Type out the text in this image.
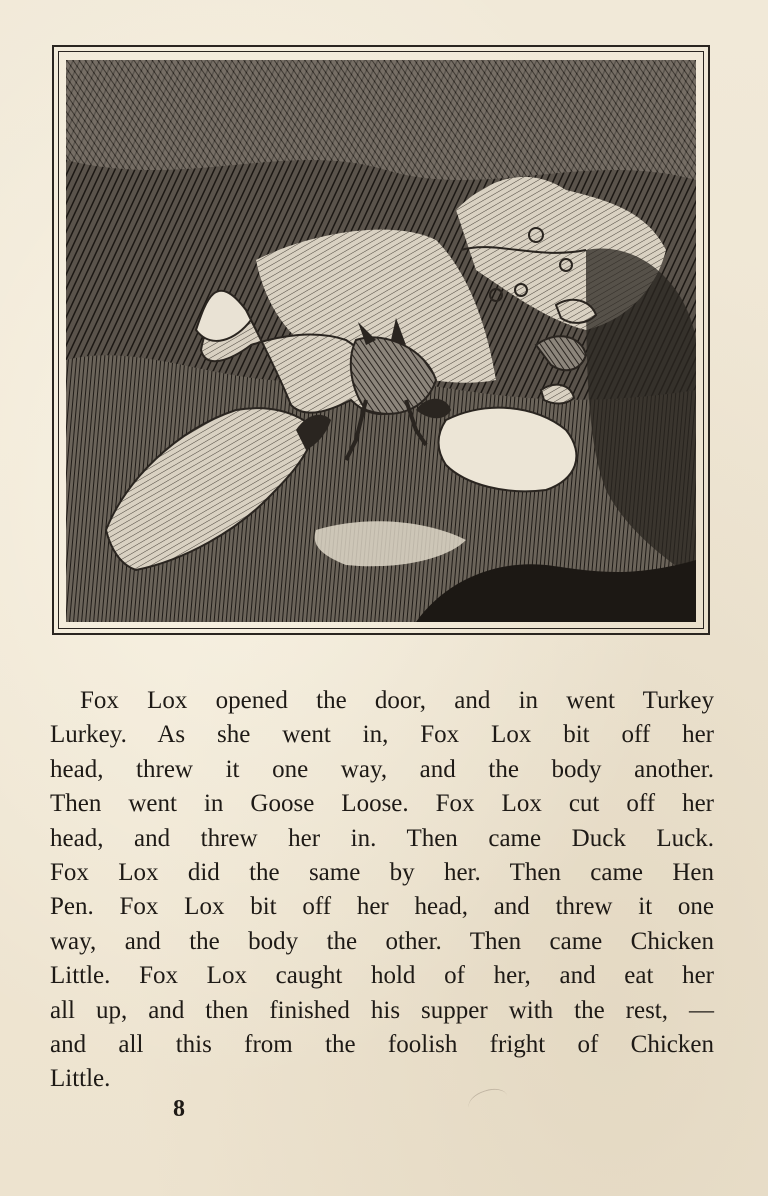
Fox Lox opened the door, and in went Turkey
Lurkey. As she went in, Fox Lox bit off her
head, threw it one way, and the body another.
Then went in Goose Loose. Fox Lox cut off her
head, and threw her in. Then came Duck Luck.
Fox Lox did the same by her. Then came Hen
Pen. Fox Lox bit off her head, and threw it one
way, and the body the other. Then came Chicken
Little. Fox Lox caught hold of her, and eat her
all up, and then finished his supper with the rest, —
and all this from the foolish fright of Chicken
Little.
8
